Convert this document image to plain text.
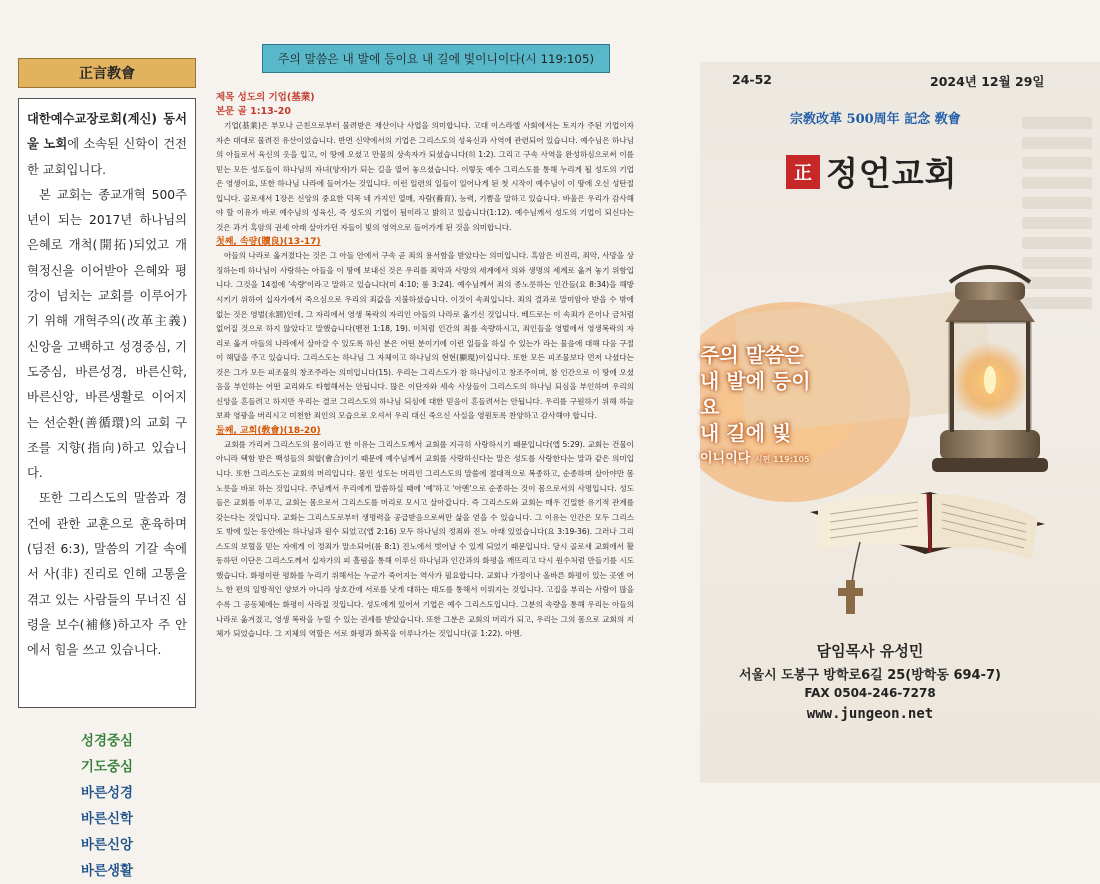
正言教會

대한예수교장로회(계신) 동서울 노회에 소속된 신학이 건전한 교회입니다.

본 교회는 종교개혁 500주년이 되는 2017년 하나님의 은혜로 개척(開拓)되었고 개혁정신을 이어받아 은혜와 평강이 넘치는 교회를 이루어가기 위해 개혁주의(改革主義) 신앙을 고백하고 성경중심, 기도중심, 바른성경, 바른신학, 바른신앙, 바른생활로 이어지는 선순환(善循環)의 교회 구조를 지향(指向)하고 있습니다.

또한 그리스도의 말씀과 경건에 관한 교훈으로 훈육하며(딤전 6:3), 말씀의 기갈 속에서 사(非) 진리로 인해 고통을 겪고 있는 사람들의 무너진 심령을 보수(補修)하고자 주 안에서 힘을 쓰고 있습니다.

성경중심
기도중심
바른성경
바른신학
바른신앙
바른생활
주의 말씀은 내 발에 등이요 내 길에 빛이니이다(시 119:105)
제목 성도의 기업(基業)
본문 골 1:13-20

기업(基業)은 부모나 근친으로부터 물려받은 재산이나 사업을 의미합니다. 고대 이스라엘 사회에서는 토지가 주된 기업이자 자손 대대로 물려진 유산이었습니다. 반면 신약에서의 기업은 그리스도의 성육신과 사역에 관련되어 있습니다. 예수님은 하나님의 아들로서 육신의 옷을 입고, 이 땅에 오셨고 만물의 상속자가 되셨습니다(히 1:2). 그리고 구속 사역을 완성하심으로써 이를 믿는 모든 성도들이 하나님의 자녀(양자)가 되는 길을 열어 놓으셨습니다. 이렇듯 예수 그리스도를 통해 누리게 될 성도의 기업은 영생이요, 또한 하나님 나라에 들어가는 것입니다. 이런 일련의 일들이 일어나게 된 첫 시작이 예수님이 이 땅에 오신 성탄절입니다. 골로새서 1장은 신앙의 중요한 덕목 네 가지인 열매, 자람(養育), 능력, 기쁨을 말하고 있습니다. 바울은 우리가 감사해야 할 이유가 바로 예수님의 성육신, 즉 성도의 기업이 됨이라고 밝히고 있습니다(1:12). 예수님께서 성도의 기업이 되신다는 것은 과거 흑암의 권세 아래 살아가던 자들이 빛의 영역으로 들어가게 된 것을 의미합니다.

첫째, 속량(贖良)(13-17)

아들의 나라로 옮겨졌다는 것은 그 아들 안에서 구속 곧 죄의 용서함을 받았다는 의미입니다. 흑암은 비진리, 죄악, 사망을 상징하는데 하나님이 사랑하는 아들을 이 땅에 보내신 것은 우리를 죄악과 사망의 세계에서 의와 생명의 세계로 옮겨 놓기 위함입니다. 그것을 14절에 '속량'이라고 말하고 있습니다(미 4:10; 롬 3:24). 예수님께서 죄의 종노릇하는 인간들(요 8:34)을 해방시키기 위하여 십자가에서 죽으심으로 우리의 죄값을 지불하셨습니다. 이것이 속죄입니다. 죄의 결과로 말미암아 받을 수 밖에 없는 것은 영벌(永罰)인데, 그 자리에서 영생 복락의 자리인 아들의 나라로 옮기신 것입니다. 베드로는 이 속죄가 은이나 금처럼 없어질 것으로 하지 않았다고 말했습니다(벧전 1:18, 19). 이처럼 인간의 죄를 속량하시고, 죄인들을 영벌에서 영생복락의 자리로 옮겨 아들의 나라에서 살아갈 수 있도록 하신 분은 어떤 분이기에 이런 일들을 하실 수 있는가 라는 물음에 대해 다음 구절이 해답을 주고 있습니다. 그리스도는 하나님 그 자체이고 하나님의 현현(顯現)이십니다. 또한 모든 피조물보다 먼저 나셨다는 것은 그가 모든 피조물의 창조주라는 의미입니다(15). 우리는 그리스도가 참 하나님이고 창조주이며, 참 인간으로 이 땅에 오셨음을 부인하는 어떤 교리와도 타협해서는 안됩니다. 많은 이단자와 세속 사상들이 그리스도의 하나님 되심을 부인하며 우리의 신앙을 흔들려고 하지만 우리는 결코 그리스도의 하나님 되심에 대한 믿음이 흔들려서는 안됩니다. 우리를 구원하기 위해 하늘 보좌 영광을 버리시고 미천한 죄인의 모습으로 오셔서 우리 대신 죽으신 사실을 영원토록 찬양하고 감사해야 합니다.

둘째, 교회(敎會)(18-20)

교회를 가리켜 그리스도의 몸이라고 한 이유는 그리스도께서 교회를 지극히 사랑하시기 때문입니다(엡 5:29). 교회는 건물이 아니라 택함 받은 백성들의 회합(會合)이기 때문에 예수님께서 교회를 사랑하신다는 말은 성도를 사랑한다는 말과 같은 의미입니다. 또한 그리스도는 교회의 머리입니다. 몸인 성도는 머리인 그리스도의 말씀에 절대적으로 복종하고, 순종하며 살아야만 몸 노릇을 바로 하는 것입니다. 주님께서 우리에게 말씀하실 때에 '예'하고 '아멘'으로 순종하는 것이 몸으로서의 사명입니다. 성도들은 교회를 이루고, 교회는 몸으로서 그리스도를 머리로 모시고 살아갑니다. 즉 그리스도와 교회는 매우 긴밀한 유기적 관계를 갖는다는 것입니다. 교회는 그리스도로부터 생명력을 공급받음으로써만 삶을 얻을 수 있습니다. 그 이유는 인간은 모두 그리스도 밖에 있는 동안에는 하나님과 원수 되었고(엡 2:16) 모두 하나님의 정죄와 진노 아래 있었습니다(요 3:19-36). 그러나 그리스도의 보혈을 믿는 자에게 이 정죄가 말소되어(롬 8:1) 진노에서 벗어날 수 있게 되었기 때문입니다. 당시 골로새 교회에서 활동하던 이단은 그리스도께서 십자가의 피 흘림을 통해 이루신 하나님과 인간과의 화평을 깨뜨리고 다시 원수처럼 만들기를 시도했습니다. 화평이란 평화를 누리기 위해서는 누군가 죽어지는 역사가 필요합니다. 교회나 가정이나 올바른 화평이 있는 곳엔 어느 한 편의 일방적인 양보가 아니라 상호간에 서로를 낫게 대하는 태도를 통해서 이뤄지는 것입니다. 고집을 부리는 사람이 많을수록 그 공동체에는 화평이 사라질 것입니다. 성도에게 있어서 기업은 예수 그리스도입니다. 그분의 속량을 통해 우리는 아들의 나라로 옮겨졌고, 영생 복락을 누릴 수 있는 권세를 받았습니다. 또한 그분은 교회의 머리가 되고, 우리는 그의 몸으로 교회의 지체가 되었습니다. 그 지체의 역할은 서로 화평과 화목을 이루나가는 것입니다(골 1:22). 아멘.

24-52	2024년 12월 29일
宗敎改革 500周年 記念 敎會
正 정언교회
주의 말씀은
내 발에 등이요
내 길에 빛
이니이다 시편 119:105
담임목사 유성민
서울시 도봉구 방학로6길 25(방학동 694-7)
FAX 0504-246-7278
www.jungeon.net
